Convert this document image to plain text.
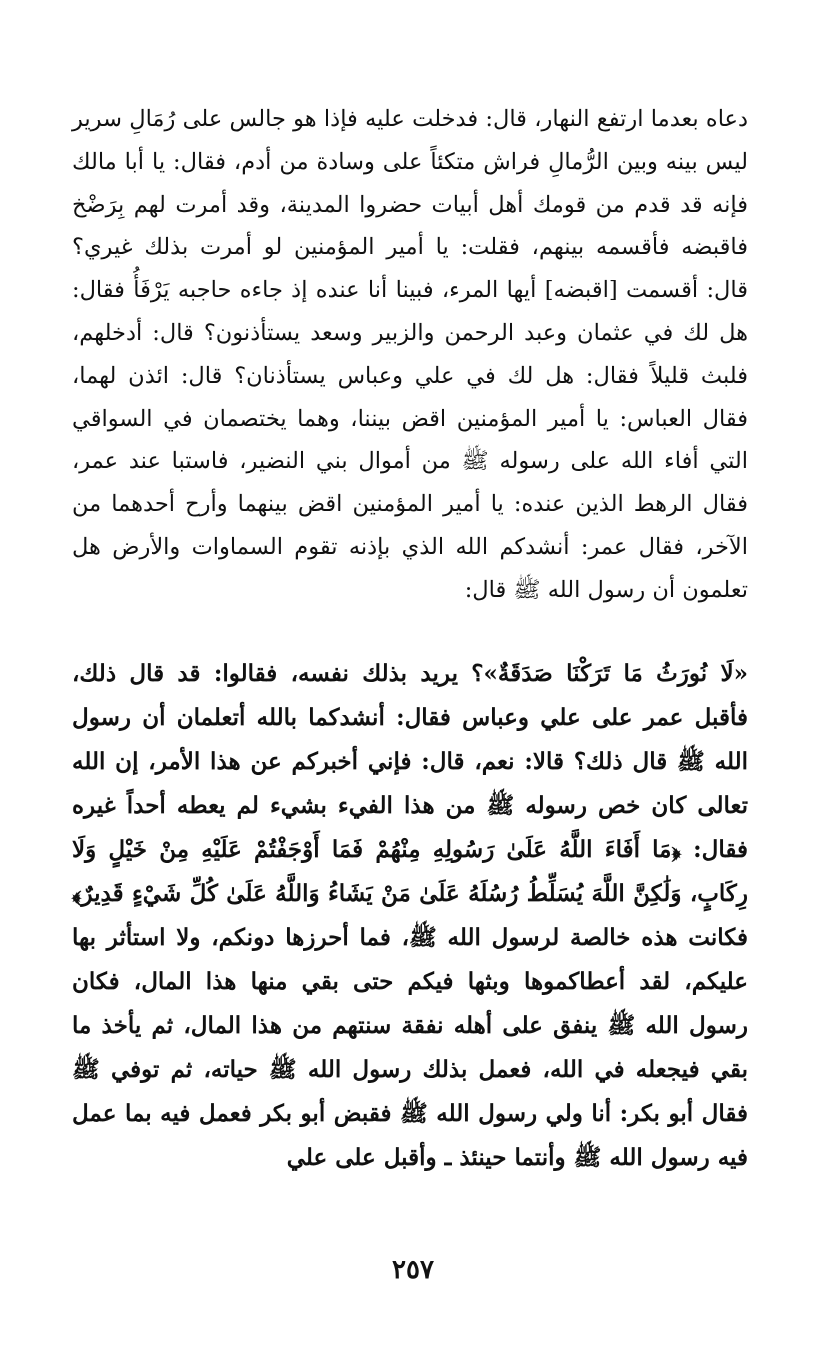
دعاه بعدما ارتفع النهار، قال: فدخلت عليه فإذا هو جالس على رُمَالِ سرير ليس بينه وبين الرُّمالِ فراش متكئاً على وسادة من أدم، فقال: يا أبا مالك فإنه قد قدم من قومك أهل أبيات حضروا المدينة، وقد أمرت لهم بِرَضْخ فاقبضه فأقسمه بينهم، فقلت: يا أمير المؤمنين لو أمرت بذلك غيري؟ قال: أقسمت [اقبضه] أيها المرء، فبينا أنا عنده إذ جاءه حاجبه يَرْفَأُ فقال: هل لك في عثمان وعبد الرحمن والزبير وسعد يستأذنون؟ قال: أدخلهم، فلبث قليلاً فقال: هل لك في علي وعباس يستأذنان؟ قال: ائذن لهما، فقال العباس: يا أمير المؤمنين اقض بيننا، وهما يختصمان في السواقي التي أفاء الله على رسوله ﷺ من أموال بني النضير، فاستبا عند عمر، فقال الرهط الذين عنده: يا أمير المؤمنين اقض بينهما وأرح أحدهما من الآخر، فقال عمر: أنشدكم الله الذي بإذنه تقوم السماوات والأرض هل تعلمون أن رسول الله ﷺ قال:

«لَا نُورَثُ مَا تَرَكْنَا صَدَقَةٌ»؟ يريد بذلك نفسه، فقالوا: قد قال ذلك، فأقبل عمر على علي وعباس فقال: أنشدكما بالله أتعلمان أن رسول الله ﷺ قال ذلك؟ قالا: نعم، قال: فإني أخبركم عن هذا الأمر، إن الله تعالى كان خص رسوله ﷺ من هذا الفيء بشيء لم يعطه أحداً غيره فقال: ﴿مَا أَفَاءَ اللَّهُ عَلَىٰ رَسُولِهِ مِنْهُمْ فَمَا أَوْجَفْتُمْ عَلَيْهِ مِنْ خَيْلٍ وَلَا رِكَابٍ، وَلَٰكِنَّ اللَّهَ يُسَلِّطُ رُسُلَهُ عَلَىٰ مَنْ يَشَاءُ وَاللَّهُ عَلَىٰ كُلِّ شَيْءٍ قَدِيرٌ﴾ فكانت هذه خالصة لرسول الله ﷺ، فما أحرزها دونكم، ولا استأثر بها عليكم، لقد أعطاكموها وبثها فيكم حتى بقي منها هذا المال، فكان رسول الله ﷺ ينفق على أهله نفقة سنتهم من هذا المال، ثم يأخذ ما بقي فيجعله في الله، فعمل بذلك رسول الله ﷺ حياته، ثم توفي ﷺ فقال أبو بكر: أنا ولي رسول الله ﷺ فقبض أبو بكر فعمل فيه بما عمل فيه رسول الله ﷺ وأنتما حينئذ ـ وأقبل على علي

٢٥٧
